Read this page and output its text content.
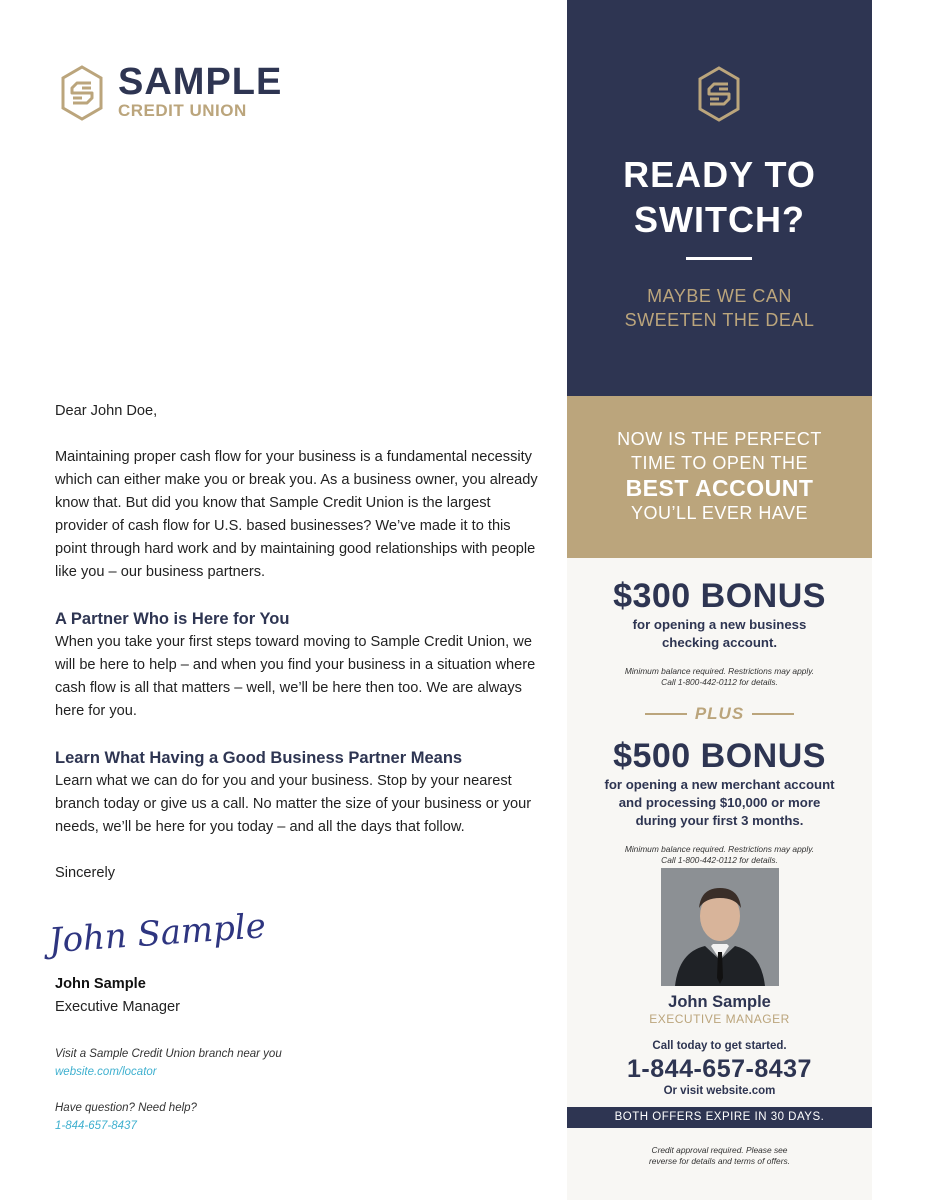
SAMPLE
CREDIT UNION

Dear John Doe,

Maintaining proper cash flow for your business is a fundamental necessity which can either make you or break you. As a business owner, you already know that. But did you know that Sample Credit Union is the largest provider of cash flow for U.S. based businesses? We’ve made it to this point through hard work and by maintaining good relationships with people like you – our business partners.

A Partner Who is Here for You

When you take your first steps toward moving to Sample Credit Union, we will be here to help – and when you find your business in a situation where cash flow is all that matters – well, we’ll be here then too. We are always here for you.

Learn What Having a Good Business Partner Means

Learn what we can do for you and your business. Stop by your nearest branch today or give us a call. No matter the size of your business or your needs, we’ll be here for you today – and all the days that follow.

Sincerely

John Sample
John Sample
Executive Manager
Visit a Sample Credit Union branch near you
website.com/locator
Have question? Need help?
1-844-657-8437
READY TO
SWITCH?
MAYBE WE CAN
SWEETEN THE DEAL
NOW IS THE PERFECT
TIME TO OPEN THE
BEST ACCOUNT
YOU’LL EVER HAVE
$300 BONUS
for opening a new business
checking account.
Minimum balance required. Restrictions may apply.
Call 1-800-442-0112 for details.
PLUS
$500 BONUS
for opening a new merchant account
and processing $10,000 or more
during your first 3 months.
Minimum balance required. Restrictions may apply.
Call 1-800-442-0112 for details.
John Sample
EXECUTIVE MANAGER
Call today to get started.
1-844-657-8437
Or visit website.com
BOTH OFFERS EXPIRE IN 30 DAYS.
Credit approval required. Please see
reverse for details and terms of offers.
